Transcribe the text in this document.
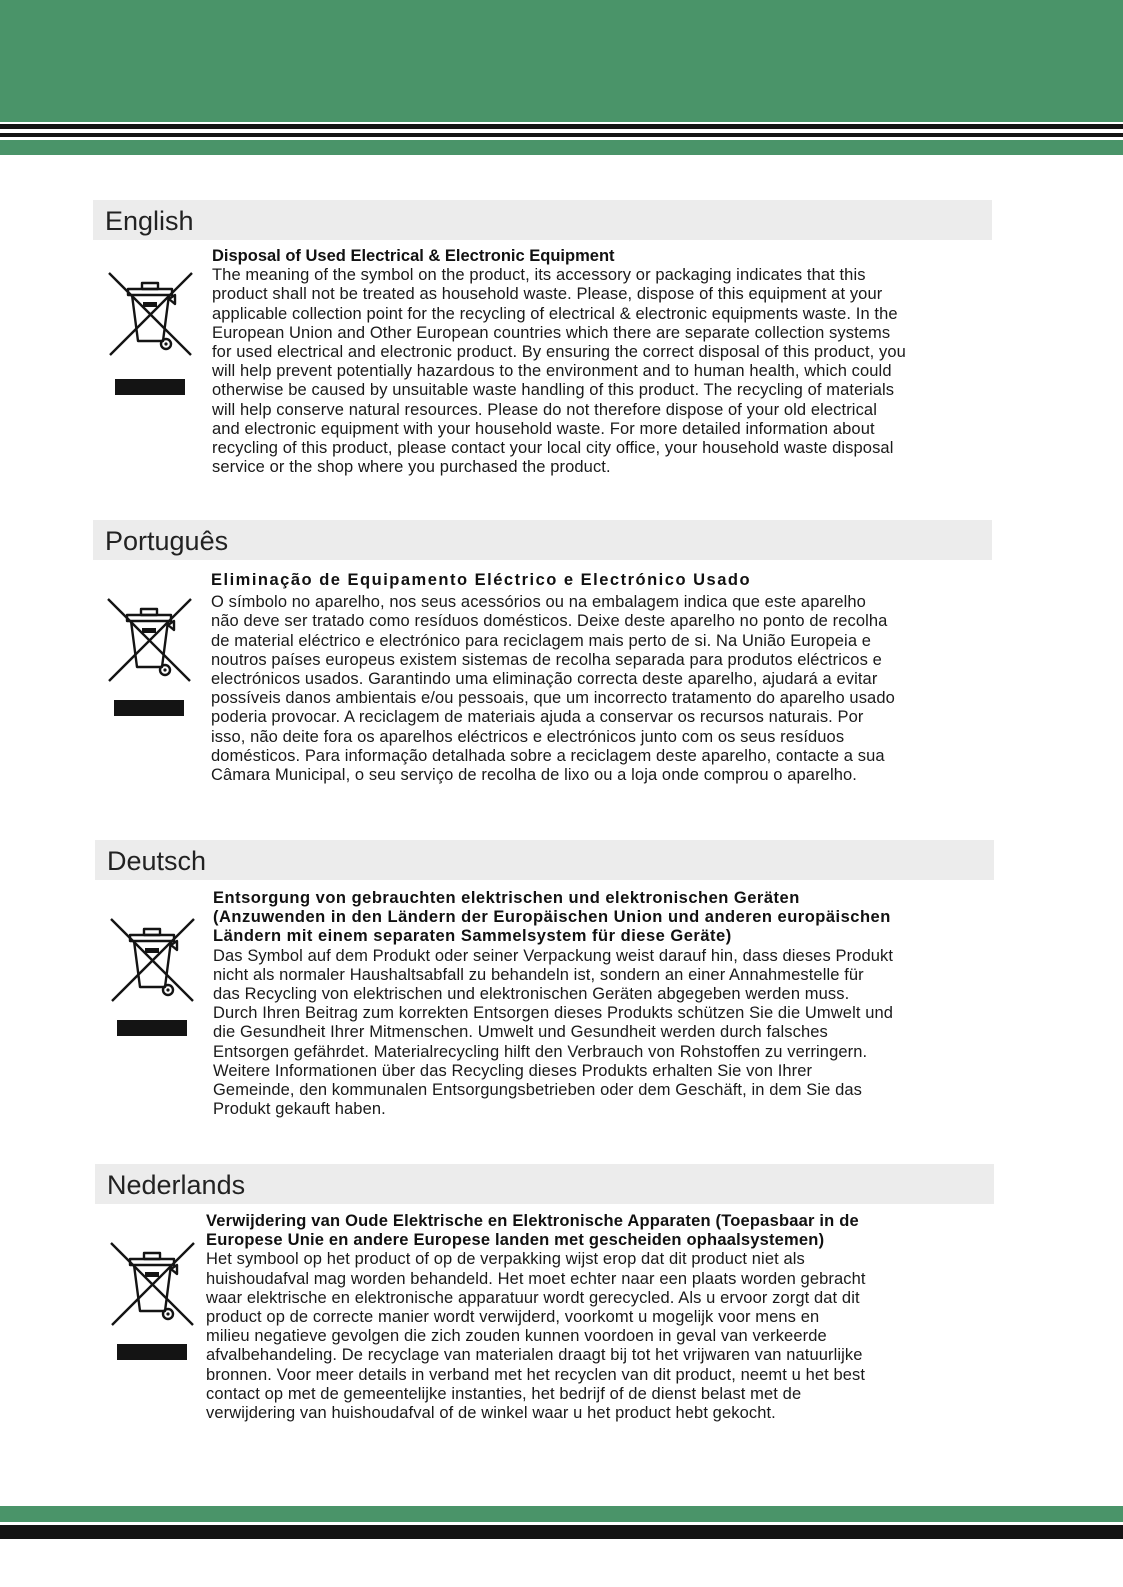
English
Disposal of Used Electrical & Electronic Equipment
The meaning of the symbol on the product, its accessory or packaging indicates that this
product shall not be treated as household waste. Please, dispose of this equipment at your
applicable collection point for the recycling of electrical & electronic equipments waste. In the
European Union and Other European countries which there are separate collection systems
for used electrical and electronic product. By ensuring the correct disposal of this product, you
will help prevent potentially hazardous to the environment and to human health, which could
otherwise be caused by unsuitable waste handling of this product. The recycling of materials
will help conserve natural resources. Please do not therefore dispose of your old electrical
and electronic equipment with your household waste. For more detailed information about
recycling of this product, please contact your local city office, your household waste disposal
service or the shop where you purchased the product.
Português
Eliminação de Equipamento Eléctrico e Electrónico Usado
O símbolo no aparelho, nos seus acessórios ou na embalagem indica que este aparelho
não deve ser tratado como resíduos domésticos. Deixe deste aparelho no ponto de recolha
de material eléctrico e electrónico para reciclagem mais perto de si. Na União Europeia e
noutros países europeus existem sistemas de recolha separada para produtos eléctricos e
electrónicos usados. Garantindo uma eliminação correcta deste aparelho, ajudará a evitar
possíveis danos ambientais e/ou pessoais, que um incorrecto tratamento do aparelho usado
poderia provocar. A reciclagem de materiais ajuda a conservar os recursos naturais. Por
isso, não deite fora os aparelhos eléctricos e electrónicos junto com os seus resíduos
domésticos. Para informação detalhada sobre a reciclagem deste aparelho, contacte a sua
Câmara Municipal, o seu serviço de recolha de lixo ou a loja onde comprou o aparelho.
Deutsch
Entsorgung von gebrauchten elektrischen und elektronischen Geräten
(Anzuwenden in den Ländern der Europäischen Union und anderen europäischen
Ländern mit einem separaten Sammelsystem für diese Geräte)
Das Symbol auf dem Produkt oder seiner Verpackung weist darauf hin, dass dieses Produkt
nicht als normaler Haushaltsabfall zu behandeln ist, sondern an einer Annahmestelle für
das Recycling von elektrischen und elektronischen Geräten abgegeben werden muss.
Durch Ihren Beitrag zum korrekten Entsorgen dieses Produkts schützen Sie die Umwelt und
die Gesundheit Ihrer Mitmenschen. Umwelt und Gesundheit werden durch falsches
Entsorgen gefährdet. Materialrecycling hilft den Verbrauch von Rohstoffen zu verringern.
Weitere Informationen über das Recycling dieses Produkts erhalten Sie von Ihrer
Gemeinde, den kommunalen Entsorgungsbetrieben oder dem Geschäft, in dem Sie das
Produkt gekauft haben.
Nederlands
Verwijdering van Oude Elektrische en Elektronische Apparaten (Toepasbaar in de
Europese Unie en andere Europese landen met gescheiden ophaalsystemen)
Het symbool op het product of op de verpakking wijst erop dat dit product niet als
huishoudafval mag worden behandeld. Het moet echter naar een plaats worden gebracht
waar elektrische en elektronische apparatuur wordt gerecycled. Als u ervoor zorgt dat dit
product op de correcte manier wordt verwijderd, voorkomt u mogelijk voor mens en
milieu negatieve gevolgen die zich zouden kunnen voordoen in geval van verkeerde
afvalbehandeling. De recyclage van materialen draagt bij tot het vrijwaren van natuurlijke
bronnen. Voor meer details in verband met het recyclen van dit product, neemt u het best
contact op met de gemeentelijke instanties, het bedrijf of de dienst belast met de
verwijdering van huishoudafval of de winkel waar u het product hebt gekocht.
